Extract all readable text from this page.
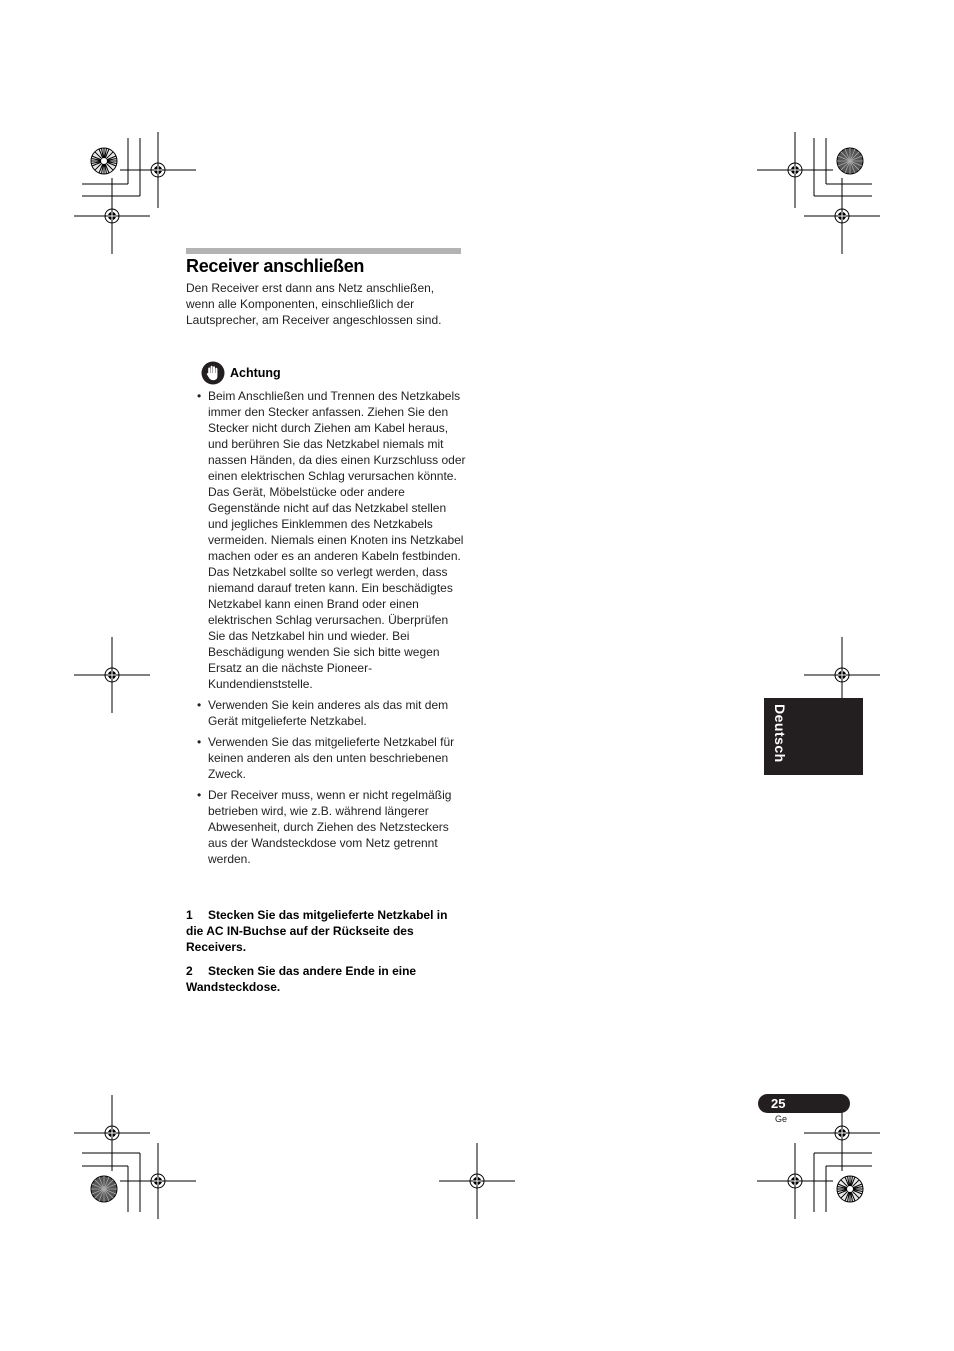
Receiver anschließen

Den Receiver erst dann ans Netz anschließen, wenn alle Komponenten, einschließlich der Lautsprecher, am Receiver angeschlossen sind.

Achtung
• Beim Anschließen und Trennen des Netzkabels immer den Stecker anfassen. Ziehen Sie den Stecker nicht durch Ziehen am Kabel heraus, und berühren Sie das Netzkabel niemals mit nassen Händen, da dies einen Kurzschluss oder einen elektrischen Schlag verursachen könnte. Das Gerät, Möbelstücke oder andere Gegenstände nicht auf das Netzkabel stellen und jegliches Einklemmen des Netzkabels vermeiden. Niemals einen Knoten ins Netzkabel machen oder es an anderen Kabeln festbinden. Das Netzkabel sollte so verlegt werden, dass niemand darauf treten kann. Ein beschädigtes Netzkabel kann einen Brand oder einen elektrischen Schlag verursachen. Überprüfen Sie das Netzkabel hin und wieder. Bei Beschädigung wenden Sie sich bitte wegen Ersatz an die nächste Pioneer-Kundendienststelle.
• Verwenden Sie kein anderes als das mit dem Gerät mitgelieferte Netzkabel.
• Verwenden Sie das mitgelieferte Netzkabel für keinen anderen als den unten beschriebenen Zweck.
• Der Receiver muss, wenn er nicht regelmäßig betrieben wird, wie z.B. während längerer Abwesenheit, durch Ziehen des Netzsteckers aus der Wandsteckdose vom Netz getrennt werden.

1 Stecken Sie das mitgelieferte Netzkabel in die AC IN-Buchse auf der Rückseite des Receivers.

2 Stecken Sie das andere Ende in eine Wandsteckdose.

Deutsch
25
Ge
